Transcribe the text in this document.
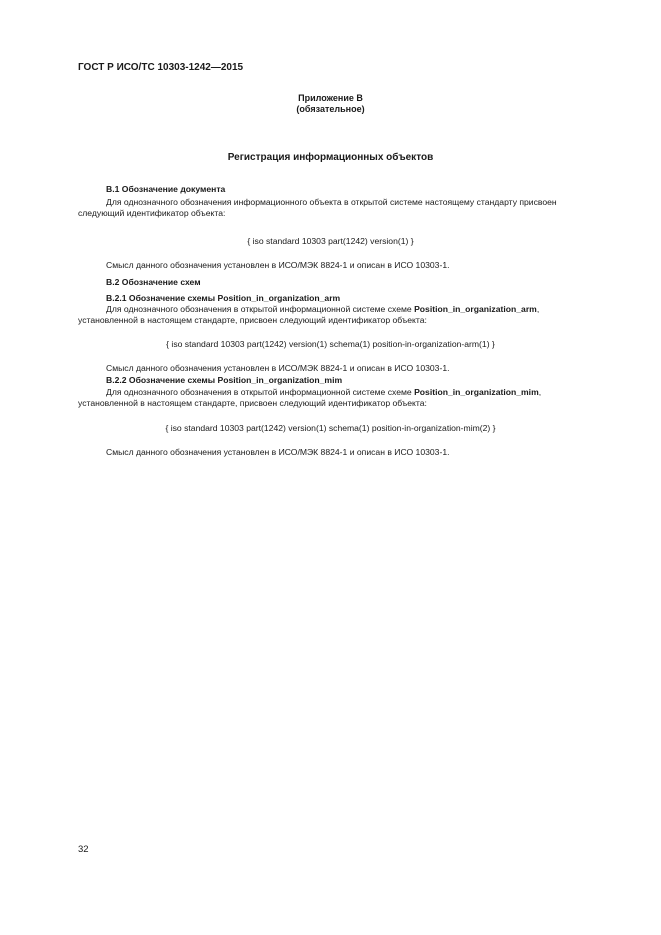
ГОСТ Р ИСО/ТС 10303-1242—2015
Приложение В
(обязательное)
Регистрация информационных объектов
В.1 Обозначение документа

Для однозначного обозначения информационного объекта в открытой системе настоящему стандарту присвоен следующий идентификатор объекта:

{ iso standard 10303 part(1242) version(1) }
Смысл данного обозначения установлен в ИСО/МЭК 8824-1 и описан в ИСО 10303-1.
В.2 Обозначение схем
В.2.1 Обозначение схемы Position_in_organization_arm

Для однозначного обозначения в открытой информационной системе схеме Position_in_organization_arm, установленной в настоящем стандарте, присвоен следующий идентификатор объекта:

{ iso standard 10303 part(1242) version(1) schema(1) position-in-organization-arm(1) }
Смысл данного обозначения установлен в ИСО/МЭК 8824-1 и описан в ИСО 10303-1.
В.2.2 Обозначение схемы Position_in_organization_mim

Для однозначного обозначения в открытой информационной системе схеме Position_in_organization_mim, установленной в настоящем стандарте, присвоен следующий идентификатор объекта:

{ iso standard 10303 part(1242) version(1) schema(1) position-in-organization-mim(2) }
Смысл данного обозначения установлен в ИСО/МЭК 8824-1 и описан в ИСО 10303-1.
32
